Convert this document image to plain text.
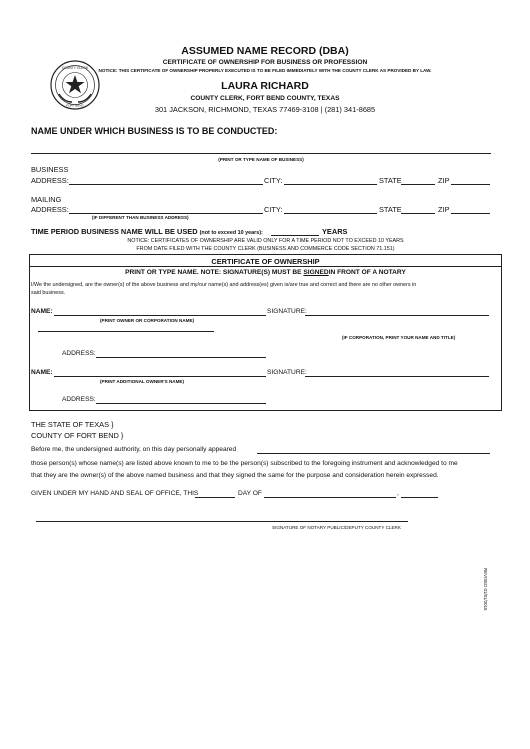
COUNTY CLERK
FORT BEND
ASSUMED NAME RECORD (DBA)
CERTIFICATE OF OWNERSHIP FOR BUSINESS OR PROFESSION
NOTICE: THIS CERTIFICATE OF OWNERSHIP PROPERLY EXECUTED IS TO BE FILED IMMEDIATELY WITH THE COUNTY CLERK AS PROVIDED BY LAW.
LAURA RICHARD
COUNTY CLERK, FORT BEND COUNTY, TEXAS
301 JACKSON, RICHMOND, TEXAS 77469-3108 | (281) 341-8685
NAME UNDER WHICH BUSINESS IS TO BE CONDUCTED:
(PRINT OR TYPE NAME OF BUSINESS)
BUSINESS
ADDRESS:	CITY:	STATE	ZIP
MAILING
ADDRESS:	CITY:	STATE	ZIP
(IF DIFFERENT THAN BUSINESS ADDRESS)
TIME PERIOD BUSINESS NAME WILL BE USED (not to exceed 10 years):	YEARS
NOTICE: CERTIFICATES OF OWNERSHIP ARE VALID ONLY FOR A TIME PERIOD NOT TO EXCEED 10 YEARS
FROM DATE FILED WITH THE COUNTY CLERK (BUSINESS AND COMMERCE CODE SECTION 71.151)
CERTIFICATE OF OWNERSHIP
PRINT OR TYPE NAME. NOTE: SIGNATURE(S) MUST BE SIGNEDIN FRONT OF A NOTARY
I/We the undersigned, are the owner(s) of the above business and my/our name(s) and address(es) given is/are true and correct and there are no other owners in
said business.
NAME:	SIGNATURE:
(PRINT OWNER OR CORPORATION NAME)
(IF CORPORATION, PRINT YOUR NAME AND TITLE)
ADDRESS:
NAME:	SIGNATURE:
(PRINT ADDITIONAL OWNER'S NAME)
ADDRESS:
THE STATE OF TEXAS }
COUNTY OF FORT BEND }
Before me, the undersigned authority, on this day personally appeared
those person(s) whose name(s) are listed above known to me to be the person(s) subscribed to the foregoing instrument and acknowledged to me
that they are the owner(s) of the above named business and that they signed the same for the purpose and consideration herein expressed.
GIVEN UNDER MY HAND AND SEAL OF OFFICE, THIS	DAY OF	,
SIGNATURE OF NOTARY PUBLIC/DEPUTY COUNTY CLERK
REVISED 01/01/2015
